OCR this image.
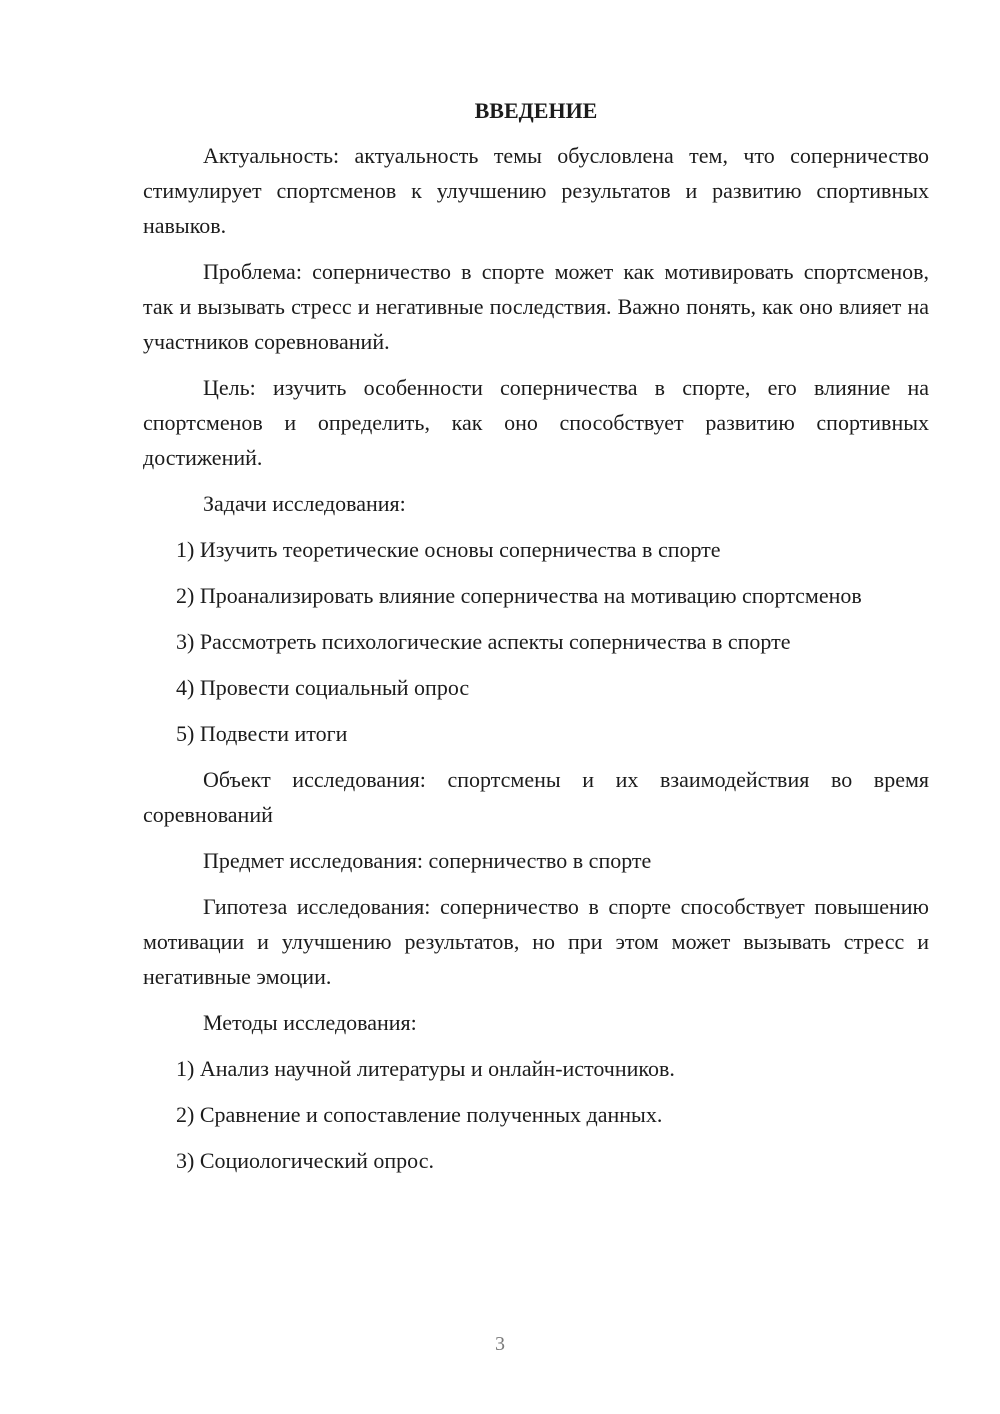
ВВЕДЕНИЕ

Актуальность: актуальность темы обусловлена тем, что соперничество стимулирует спортсменов к улучшению результатов и развитию спортивных навыков.

Проблема: соперничество в спорте может как мотивировать спортсменов, так и вызывать стресс и негативные последствия. Важно понять, как оно влияет на участников соревнований.

Цель: изучить особенности соперничества в спорте, его влияние на спортсменов и определить, как оно способствует развитию спортивных достижений.

Задачи исследования:

1) Изучить теоретические основы соперничества в спорте

2) Проанализировать влияние соперничества на мотивацию спортсменов

3) Рассмотреть психологические аспекты соперничества в спорте

4) Провести социальный опрос

5) Подвести итоги

Объект исследования: спортсмены и их взаимодействия во время соревнований

Предмет исследования: соперничество в спорте

Гипотеза исследования: соперничество в спорте способствует повышению мотивации и улучшению результатов, но при этом может вызывать стресс и негативные эмоции.

Методы исследования:

1) Анализ научной литературы и онлайн-источников.

2) Сравнение и сопоставление полученных данных.

3) Социологический опрос.

3
